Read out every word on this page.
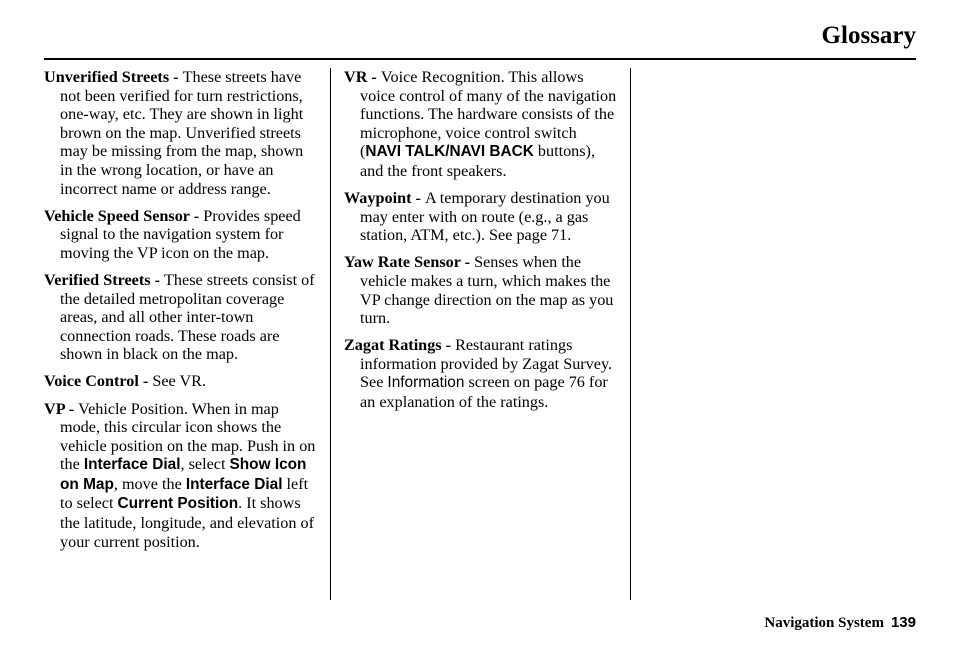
Glossary

Unverified Streets - These streets have not been verified for turn restrictions, one-way, etc. They are shown in light brown on the map. Unverified streets may be missing from the map, shown in the wrong location, or have an incorrect name or address range.

Vehicle Speed Sensor - Provides speed signal to the navigation system for moving the VP icon on the map.

Verified Streets - These streets consist of the detailed metropolitan coverage areas, and all other inter-town connection roads. These roads are shown in black on the map.

Voice Control - See VR.

VP - Vehicle Position. When in map mode, this circular icon shows the vehicle position on the map. Push in on the Interface Dial, select Show Icon on Map, move the Interface Dial left to select Current Position. It shows the latitude, longitude, and elevation of your current position.

VR - Voice Recognition. This allows voice control of many of the navigation functions. The hardware consists of the microphone, voice control switch (NAVI TALK/NAVI BACK buttons), and the front speakers.

Waypoint - A temporary destination you may enter with on route (e.g., a gas station, ATM, etc.). See page 71.

Yaw Rate Sensor - Senses when the vehicle makes a turn, which makes the VP change direction on the map as you turn.

Zagat Ratings - Restaurant ratings information provided by Zagat Survey. See Information screen on page 76 for an explanation of the ratings.

Navigation System 139
